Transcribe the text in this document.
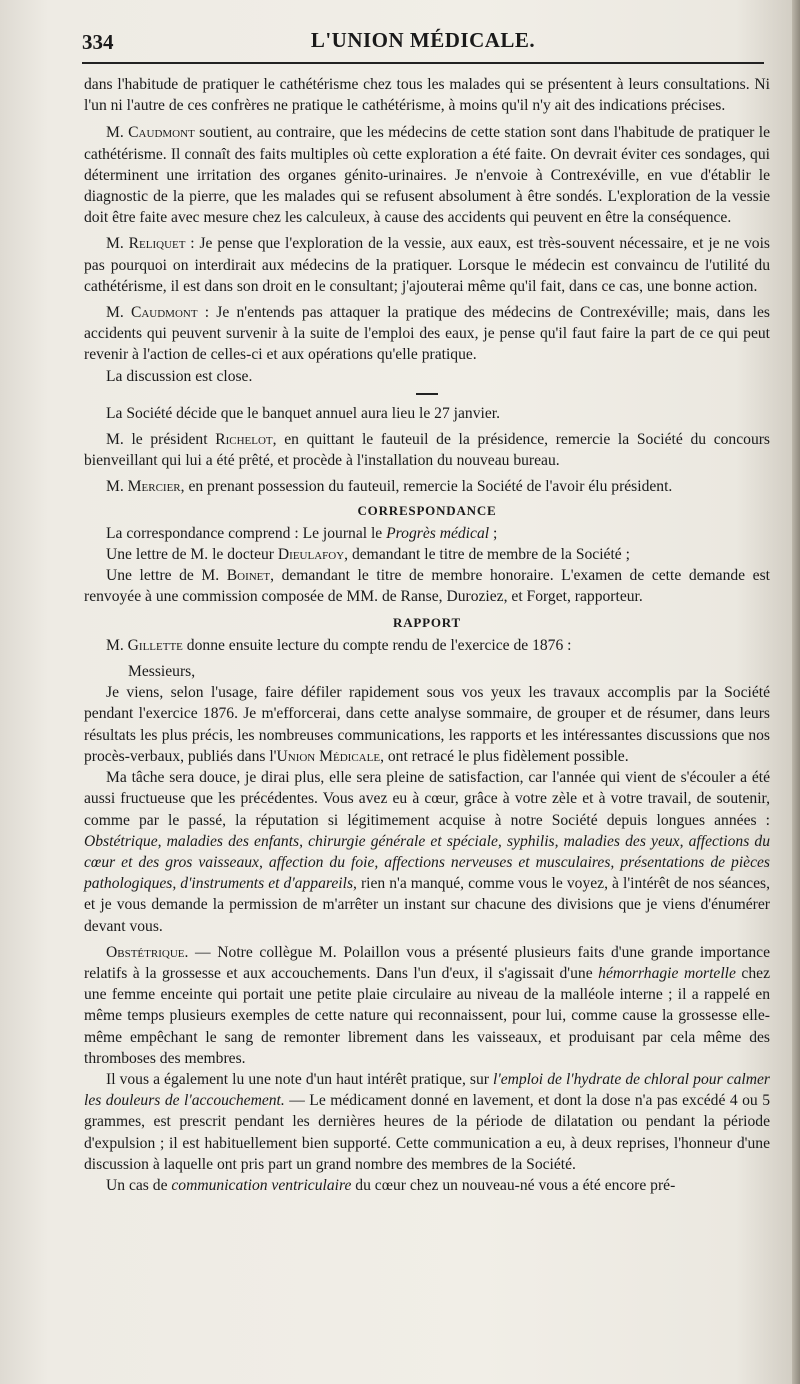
334	L'UNION MÉDICALE.

dans l'habitude de pratiquer le cathétérisme chez tous les malades qui se présentent à leurs consultations. Ni l'un ni l'autre de ces confrères ne pratique le cathétérisme, à moins qu'il n'y ait des indications précises.

M. Caudmont soutient, au contraire, que les médecins de cette station sont dans l'habitude de pratiquer le cathétérisme. Il connaît des faits multiples où cette exploration a été faite. On devrait éviter ces sondages, qui déterminent une irritation des organes génito-urinaires. Je n'envoie à Contrexéville, en vue d'établir le diagnostic de la pierre, que les malades qui se refusent absolument à être sondés. L'exploration de la vessie doit être faite avec mesure chez les calculeux, à cause des accidents qui peuvent en être la conséquence.

M. Reliquet : Je pense que l'exploration de la vessie, aux eaux, est très-souvent nécessaire, et je ne vois pas pourquoi on interdirait aux médecins de la pratiquer. Lorsque le médecin est convaincu de l'utilité du cathétérisme, il est dans son droit en le consultant; j'ajouterai même qu'il fait, dans ce cas, une bonne action.

M. Caudmont : Je n'entends pas attaquer la pratique des médecins de Contrexéville; mais, dans les accidents qui peuvent survenir à la suite de l'emploi des eaux, je pense qu'il faut faire la part de ce qui peut revenir à l'action de celles-ci et aux opérations qu'elle pratique.

La discussion est close.

La Société décide que le banquet annuel aura lieu le 27 janvier.

M. le président Richelot, en quittant le fauteuil de la présidence, remercie la Société du concours bienveillant qui lui a été prêté, et procède à l'installation du nouveau bureau.

M. Mercier, en prenant possession du fauteuil, remercie la Société de l'avoir élu président.

CORRESPONDANCE

La correspondance comprend : Le journal le Progrès médical ;

Une lettre de M. le docteur Dieulafoy, demandant le titre de membre de la Société ;

Une lettre de M. Boinet, demandant le titre de membre honoraire. L'examen de cette demande est renvoyée à une commission composée de MM. de Ranse, Duroziez, et Forget, rapporteur.

RAPPORT

M. Gillette donne ensuite lecture du compte rendu de l'exercice de 1876 :

Messieurs,

Je viens, selon l'usage, faire défiler rapidement sous vos yeux les travaux accomplis par la Société pendant l'exercice 1876. Je m'efforcerai, dans cette analyse sommaire, de grouper et de résumer, dans leurs résultats les plus précis, les nombreuses communications, les rapports et les intéressantes discussions que nos procès-verbaux, publiés dans l'Union Médicale, ont retracé le plus fidèlement possible.

Ma tâche sera douce, je dirai plus, elle sera pleine de satisfaction, car l'année qui vient de s'écouler a été aussi fructueuse que les précédentes. Vous avez eu à cœur, grâce à votre zèle et à votre travail, de soutenir, comme par le passé, la réputation si légitimement acquise à notre Société depuis longues années : Obstétrique, maladies des enfants, chirurgie générale et spéciale, syphilis, maladies des yeux, affections du cœur et des gros vaisseaux, affection du foie, affections nerveuses et musculaires, présentations de pièces pathologiques, d'instruments et d'appareils, rien n'a manqué, comme vous le voyez, à l'intérêt de nos séances, et je vous demande la permission de m'arrêter un instant sur chacune des divisions que je viens d'énumérer devant vous.

Obstétrique. — Notre collègue M. Polaillon vous a présenté plusieurs faits d'une grande importance relatifs à la grossesse et aux accouchements. Dans l'un d'eux, il s'agissait d'une hémorrhagie mortelle chez une femme enceinte qui portait une petite plaie circulaire au niveau de la malléole interne ; il a rappelé en même temps plusieurs exemples de cette nature qui reconnaissent, pour lui, comme cause la grossesse elle-même empêchant le sang de remonter librement dans les vaisseaux, et produisant par cela même des thromboses des membres.

Il vous a également lu une note d'un haut intérêt pratique, sur l'emploi de l'hydrate de chloral pour calmer les douleurs de l'accouchement. — Le médicament donné en lavement, et dont la dose n'a pas excédé 4 ou 5 grammes, est prescrit pendant les dernières heures de la période de dilatation ou pendant la période d'expulsion ; il est habituellement bien supporté. Cette communication a eu, à deux reprises, l'honneur d'une discussion à laquelle ont pris part un grand nombre des membres de la Société.

Un cas de communication ventriculaire du cœur chez un nouveau-né vous a été encore pré-
